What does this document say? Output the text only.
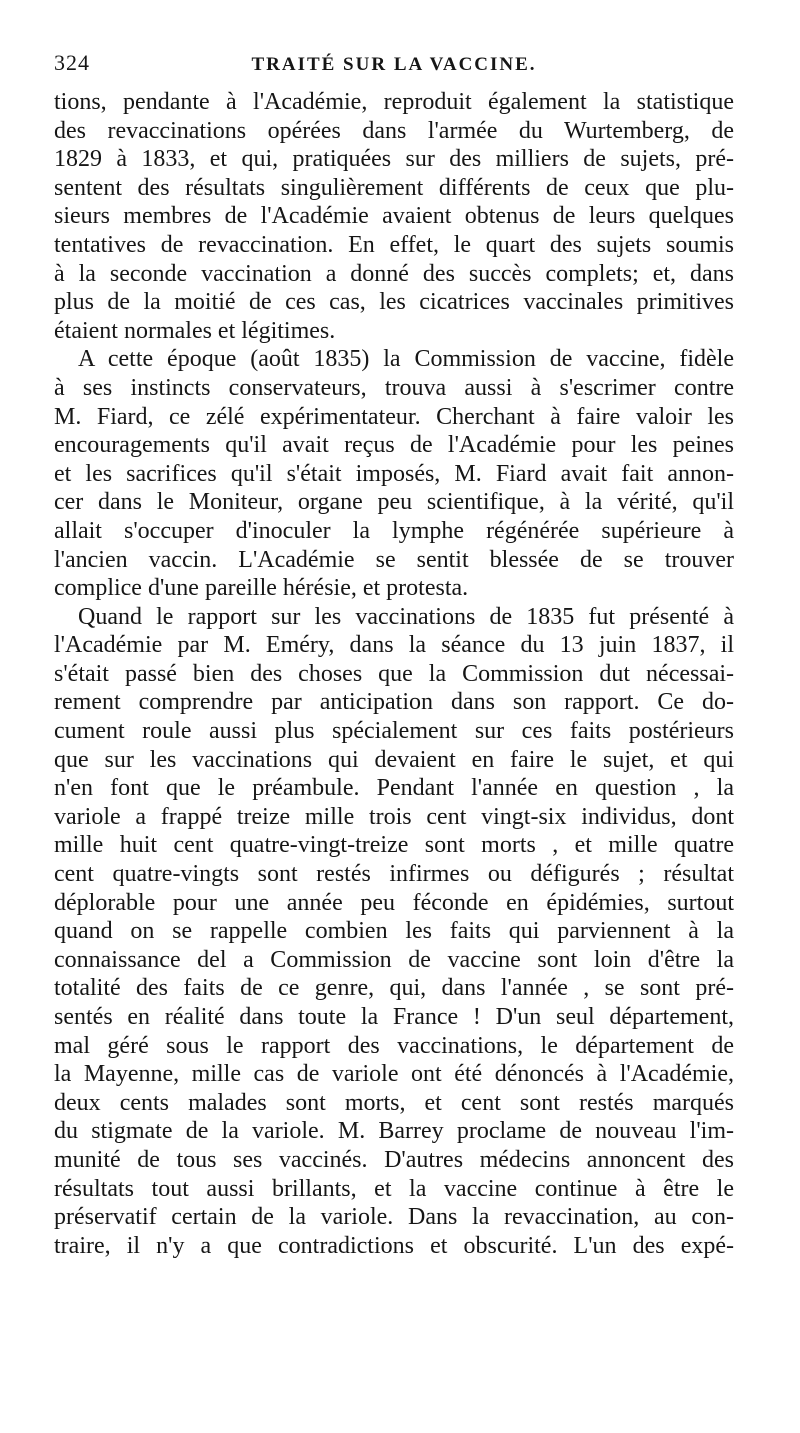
324	TRAITÉ SUR LA VACCINE.
tions, pendante à l'Académie, reproduit également la statistique
des revaccinations opérées dans l'armée du Wurtemberg, de
1829 à 1833, et qui, pratiquées sur des milliers de sujets, pré-
sentent des résultats singulièrement différents de ceux que plu-
sieurs membres de l'Académie avaient obtenus de leurs quelques
tentatives de revaccination. En effet, le quart des sujets soumis
à la seconde vaccination a donné des succès complets; et, dans
plus de la moitié de ces cas, les cicatrices vaccinales primitives
étaient normales et légitimes.
A cette époque (août 1835) la Commission de vaccine, fidèle
à ses instincts conservateurs, trouva aussi à s'escrimer contre
M. Fiard, ce zélé expérimentateur. Cherchant à faire valoir les
encouragements qu'il avait reçus de l'Académie pour les peines
et les sacrifices qu'il s'était imposés, M. Fiard avait fait annon-
cer dans le Moniteur, organe peu scientifique, à la vérité, qu'il
allait s'occuper d'inoculer la lymphe régénérée supérieure à
l'ancien vaccin. L'Académie se sentit blessée de se trouver
complice d'une pareille hérésie, et protesta.
Quand le rapport sur les vaccinations de 1835 fut présenté à
l'Académie par M. Eméry, dans la séance du 13 juin 1837, il
s'était passé bien des choses que la Commission dut nécessai-
rement comprendre par anticipation dans son rapport. Ce do-
cument roule aussi plus spécialement sur ces faits postérieurs
que sur les vaccinations qui devaient en faire le sujet, et qui
n'en font que le préambule. Pendant l'année en question , la
variole a frappé treize mille trois cent vingt-six individus, dont
mille huit cent quatre-vingt-treize sont morts , et mille quatre
cent quatre-vingts sont restés infirmes ou défigurés ; résultat
déplorable pour une année peu féconde en épidémies, surtout
quand on se rappelle combien les faits qui parviennent à la
connaissance del a Commission de vaccine sont loin d'être la
totalité des faits de ce genre, qui, dans l'année , se sont pré-
sentés en réalité dans toute la France ! D'un seul département,
mal géré sous le rapport des vaccinations, le département de
la Mayenne, mille cas de variole ont été dénoncés à l'Académie,
deux cents malades sont morts, et cent sont restés marqués
du stigmate de la variole. M. Barrey proclame de nouveau l'im-
munité de tous ses vaccinés. D'autres médecins annoncent des
résultats tout aussi brillants, et la vaccine continue à être le
préservatif certain de la variole. Dans la revaccination, au con-
traire, il n'y a que contradictions et obscurité. L'un des expé-
